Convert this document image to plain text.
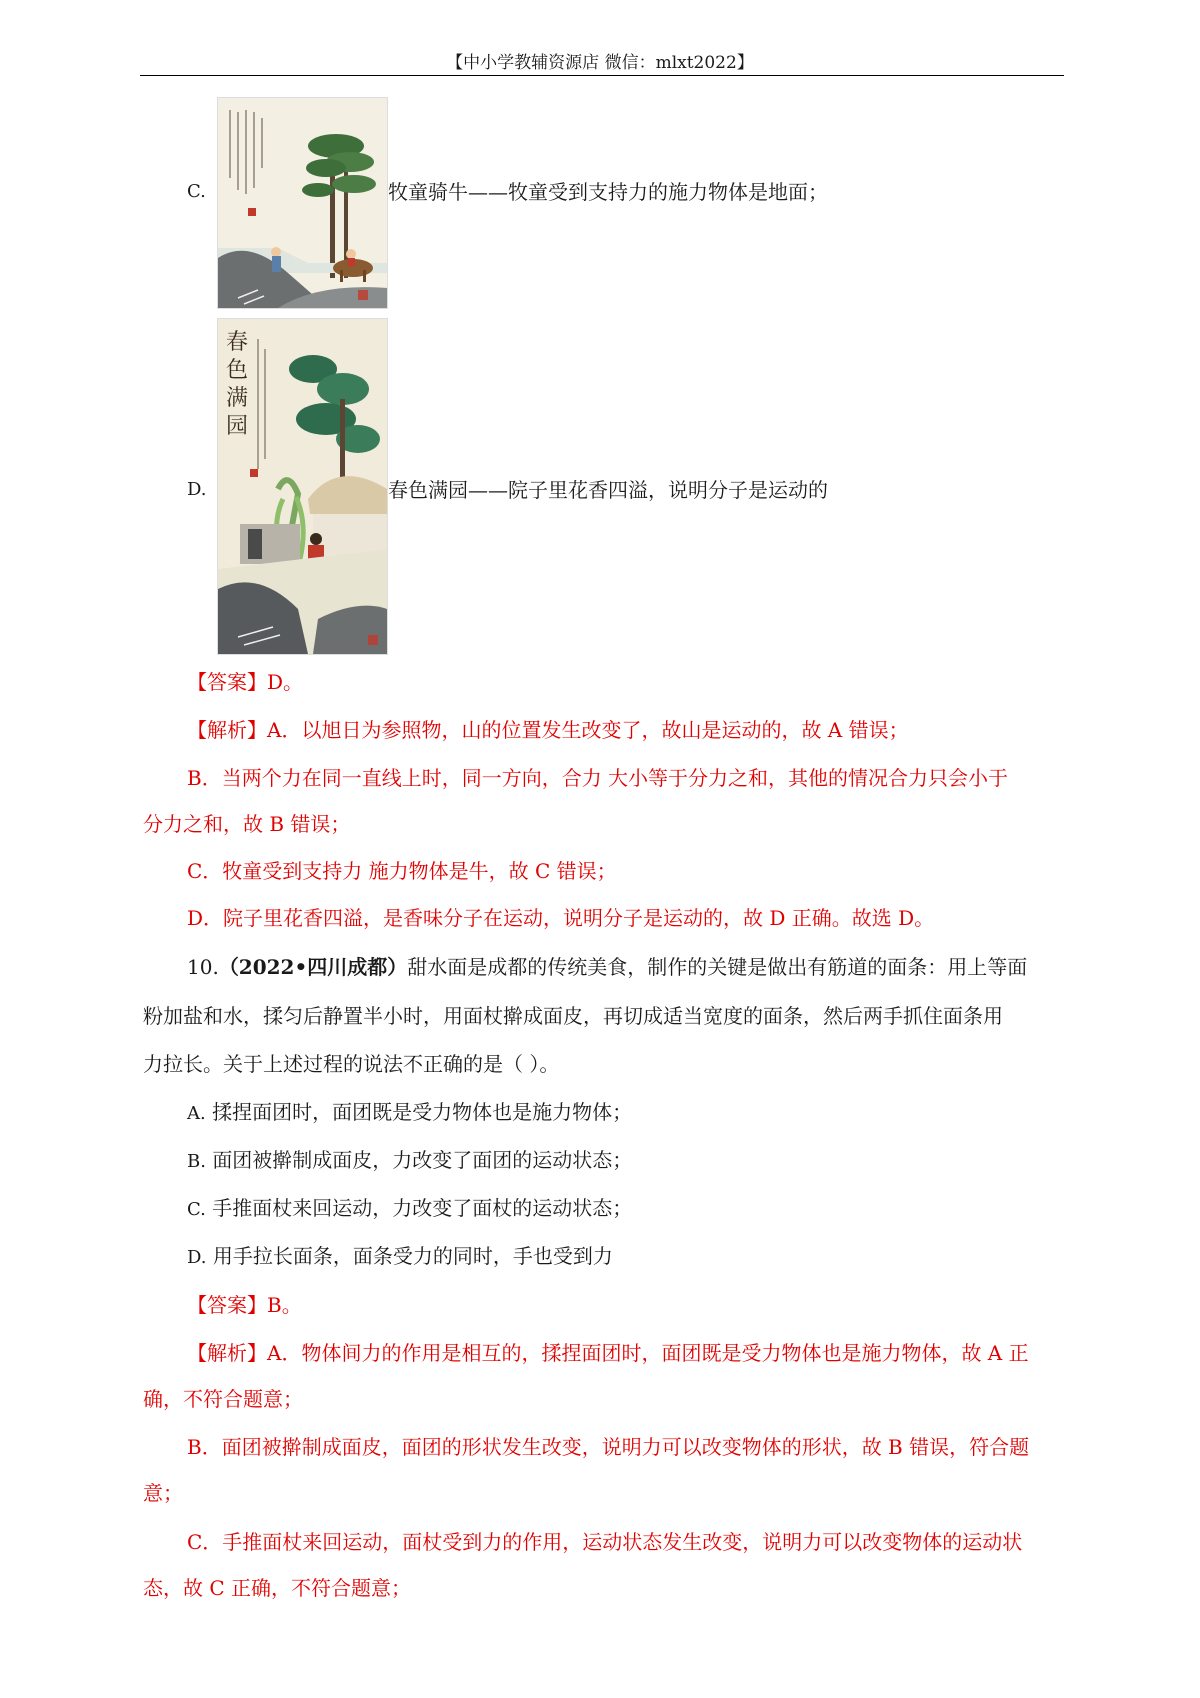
【中小学教辅资源店 微信：mlxt2022】
C.	牧童骑牛——牧童受到支持力的施力物体是地面；
D.
春
色
满
园
春色满园——院子里花香四溢，说明分子是运动的
【答案】D。
【解析】A．以旭日为参照物，山的位置发生改变了，故山是运动的，故 A 错误；
B．当两个力在同一直线上时，同一方向，合力 大小等于分力之和，其他的情况合力只会小于
分力之和，故 B 错误；
C．牧童受到支持力 施力物体是牛，故 C 错误；
D．院子里花香四溢，是香味分子在运动，说明分子是运动的，故 D 正确。故选 D。
10.（2022•四川成都）甜水面是成都的传统美食，制作的关键是做出有筋道的面条：用上等面
粉加盐和水，揉匀后静置半小时，用面杖擀成面皮，再切成适当宽度的面条，然后两手抓住面条用
力拉长。关于上述过程的说法不正确的是（ ）。
A. 揉捏面团时，面团既是受力物体也是施力物体；
B. 面团被擀制成面皮，力改变了面团的运动状态；
C. 手推面杖来回运动，力改变了面杖的运动状态；
D. 用手拉长面条，面条受力的同时，手也受到力
【答案】B。
【解析】A．物体间力的作用是相互的，揉捏面团时，面团既是受力物体也是施力物体，故 A 正
确，不符合题意；
B．面团被擀制成面皮，面团的形状发生改变，说明力可以改变物体的形状，故 B 错误，符合题
意；
C．手推面杖来回运动，面杖受到力的作用，运动状态发生改变，说明力可以改变物体的运动状
态，故 C 正确，不符合题意；
